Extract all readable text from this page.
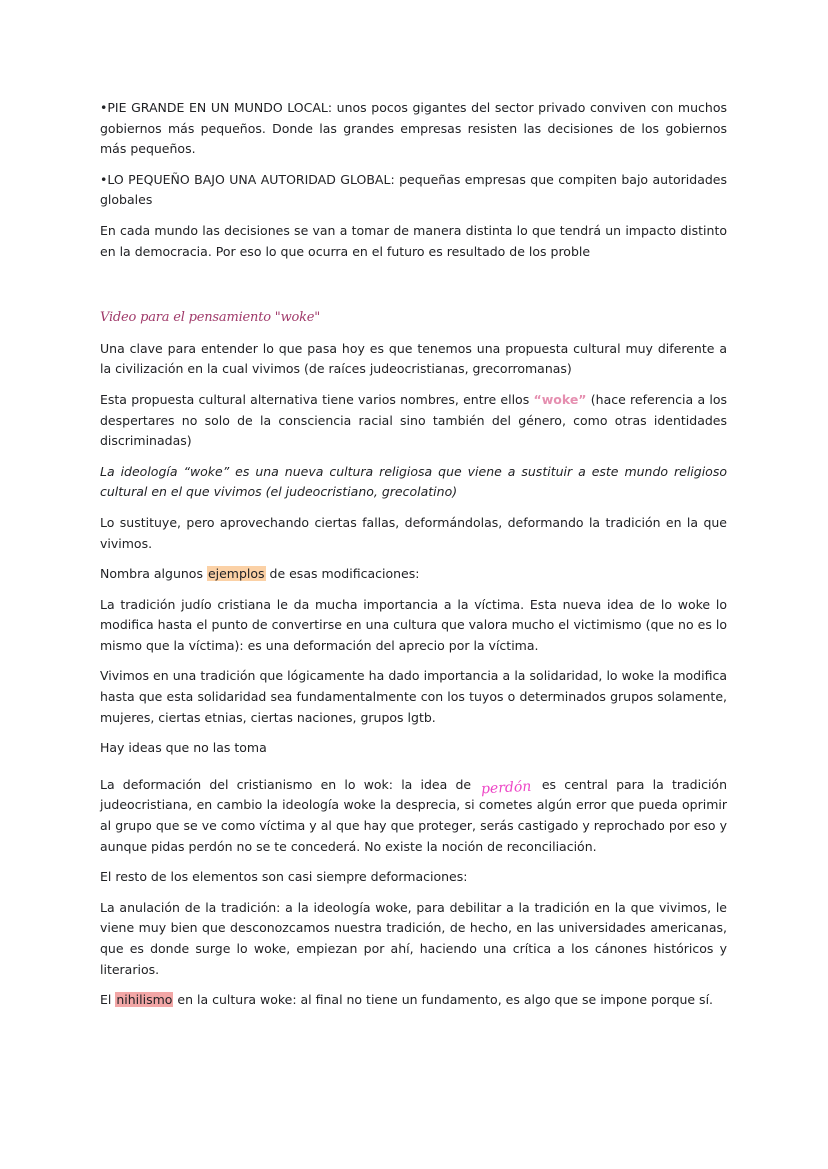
•PIE GRANDE EN UN MUNDO LOCAL: unos pocos gigantes del sector privado conviven con muchos gobiernos más pequeños. Donde las grandes empresas resisten las decisiones de los gobiernos más pequeños.

•LO PEQUEÑO BAJO UNA AUTORIDAD GLOBAL: pequeñas empresas que compiten bajo autoridades globales

En cada mundo las decisiones se van a tomar de manera distinta lo que tendrá un impacto distinto en la democracia. Por eso lo que ocurra en el futuro es resultado de los proble

Video para el pensamiento "woke"

Una clave para entender lo que pasa hoy es que tenemos una propuesta cultural muy diferente a la civilización en la cual vivimos (de raíces judeocristianas, grecorromanas)

Esta propuesta cultural alternativa tiene varios nombres, entre ellos “woke” (hace referencia a los despertares no solo de la consciencia racial sino también del género, como otras identidades discriminadas)

La ideología “woke” es una nueva cultura religiosa que viene a sustituir a este mundo religioso cultural en el que vivimos (el judeocristiano, grecolatino)

Lo sustituye, pero aprovechando ciertas fallas, deformándolas, deformando la tradición en la que vivimos.

Nombra algunos ejemplos de esas modificaciones:

La tradición judío cristiana le da mucha importancia a la víctima. Esta nueva idea de lo woke lo modifica hasta el punto de convertirse en una cultura que valora mucho el victimismo (que no es lo mismo que la víctima): es una deformación del aprecio por la víctima.

Vivimos en una tradición que lógicamente ha dado importancia a la solidaridad, lo woke la modifica hasta que esta solidaridad sea fundamentalmente con los tuyos o determinados grupos solamente, mujeres, ciertas etnias, ciertas naciones, grupos lgtb.

Hay ideas que no las toma

La deformación del cristianismo en lo wok: la idea de perdón es central para la tradición judeocristiana, en cambio la ideología woke la desprecia, si cometes algún error que pueda oprimir al grupo que se ve como víctima y al que hay que proteger, serás castigado y reprochado por eso y aunque pidas perdón no se te concederá. No existe la noción de reconciliación.

El resto de los elementos son casi siempre deformaciones:

La anulación de la tradición: a la ideología woke, para debilitar a la tradición en la que vivimos, le viene muy bien que desconozcamos nuestra tradición, de hecho, en las universidades americanas, que es donde surge lo woke, empiezan por ahí, haciendo una crítica a los cánones históricos y literarios.

El nihilismo en la cultura woke: al final no tiene un fundamento, es algo que se impone porque sí.
